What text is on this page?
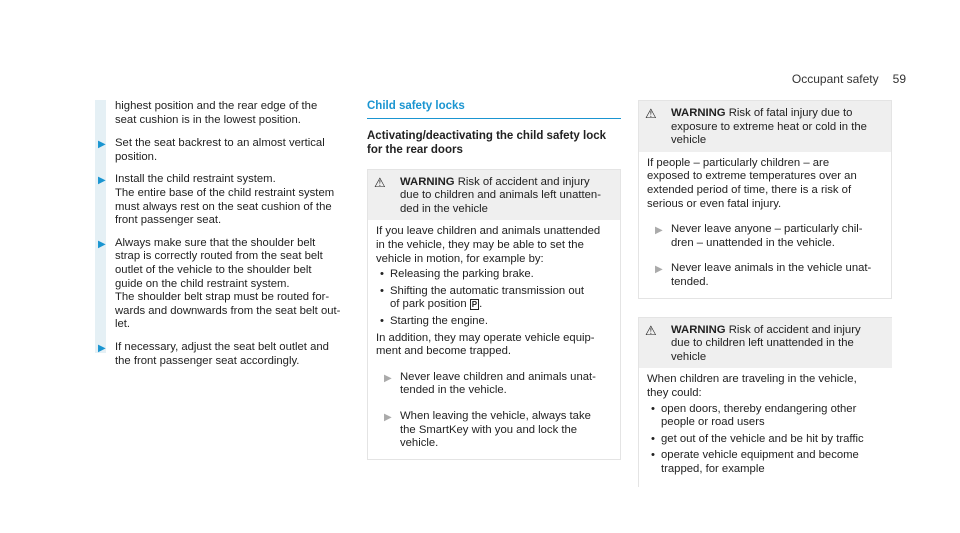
Occupant safety 59

highest position and the rear edge of the

seat cushion is in the lowest position.

▶ Set the seat backrest to an almost vertical

position.

▶ Install the child restraint system.

The entire base of the child restraint system

must always rest on the seat cushion of the

front passenger seat.

▶ Always make sure that the shoulder belt

strap is correctly routed from the seat belt

outlet of the vehicle to the shoulder belt

guide on the child restraint system.

The shoulder belt strap must be routed for-

wards and downwards from the seat belt out-

let.

▶ If necessary, adjust the seat belt outlet and

the front passenger seat accordingly.

Child safety locks

Activating/deactivating the child safety lock

for the rear doors

⚠	WARNING Risk of accident and injury

due to children and animals left unatten-

ded in the vehicle

If you leave children and animals unattended

in the vehicle, they may be able to set the

vehicle in motion, for example by:

• Releasing the parking brake.

• Shifting the automatic transmission out

of park position P .

• Starting the engine.

In addition, they may operate vehicle equip-

ment and become trapped.

▶ Never leave children and animals unat-

tended in the vehicle.

▶ When leaving the vehicle, always take

the SmartKey with you and lock the

vehicle.

⚠	WARNING Risk of fatal injury due to

exposure to extreme heat or cold in the

vehicle

If people – particularly children – are

exposed to extreme temperatures over an

extended period of time, there is a risk of

serious or even fatal injury.

▶ Never leave anyone – particularly chil-

dren – unattended in the vehicle.

▶ Never leave animals in the vehicle unat-

tended.

⚠	WARNING Risk of accident and injury

due to children left unattended in the

vehicle

When children are traveling in the vehicle,

they could:

• open doors, thereby endangering other

people or road users

• get out of the vehicle and be hit by traffic

• operate vehicle equipment and become

trapped, for example
